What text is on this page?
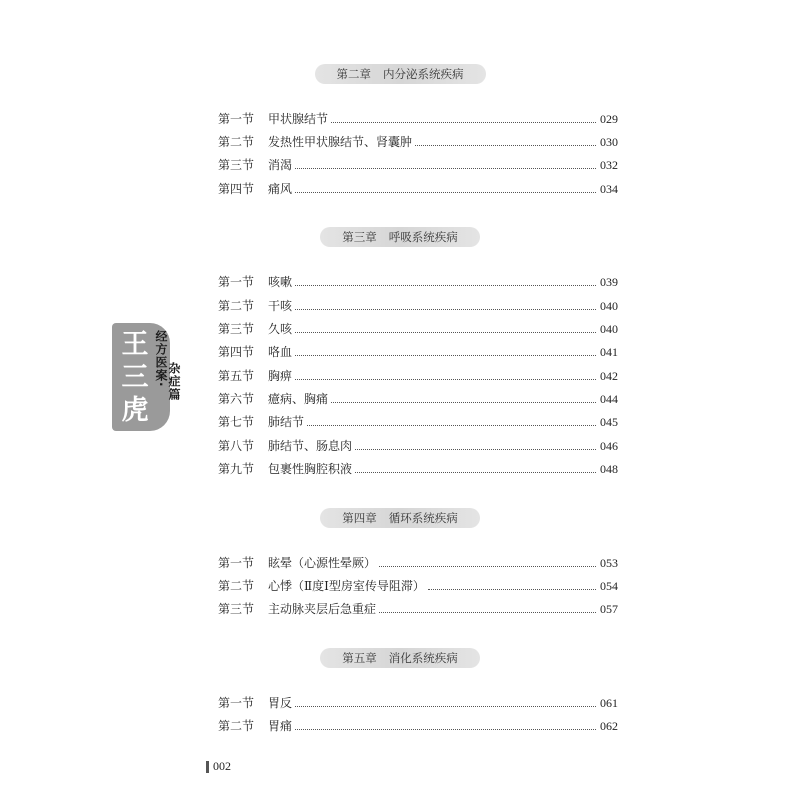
第二章 内分泌系统疾病
第一节	甲状腺结节	029
第二节	发热性甲状腺结节、肾囊肿	030
第三节	消渴	032
第四节	痛风	034
第三章 呼吸系统疾病
第一节	咳嗽	039
第二节	干咳	040
第三节	久咳	040
第四节	咯血	041
第五节	胸痹	042
第六节	癔病、胸痛	044
第七节	肺结节	045
第八节	肺结节、肠息肉	046
第九节	包裹性胸腔积液	048
第四章 循环系统疾病
第一节	眩晕（心源性晕厥）	053
第二节	心悸（Ⅱ度Ⅰ型房室传导阻滞）	054
第三节	主动脉夹层后急重症	057
第五章 消化系统疾病
第一节	胃反	061
第二节	胃痛	062
王
三
虎
经方医案· 杂症篇
002
